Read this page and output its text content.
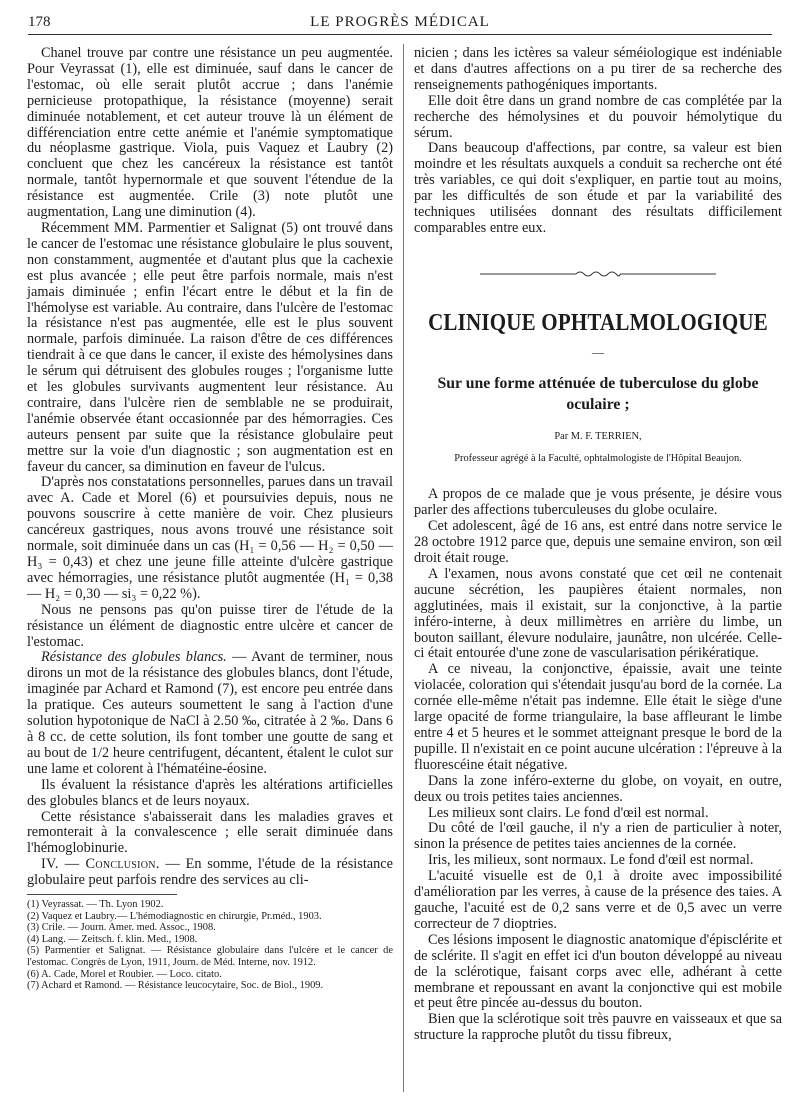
178	LE PROGRÈS MÉDICAL

Chanel trouve par contre une résistance un peu augmentée. Pour Veyrassat (1), elle est diminuée, sauf dans le cancer de l'estomac, où elle serait plutôt accrue ; dans l'anémie pernicieuse protopathique, la résistance (moyenne) serait diminuée notablement, et cet auteur trouve là un élément de différenciation entre cette anémie et l'anémie symptomatique du néoplasme gastrique. Viola, puis Vaquez et Laubry (2) concluent que chez les cancéreux la résistance est tantôt normale, tantôt hypernormale et que souvent l'étendue de la résistance est augmentée. Crile (3) note plutôt une augmentation, Lang une diminution (4).

Récemment MM. Parmentier et Salignat (5) ont trouvé dans le cancer de l'estomac une résistance globulaire le plus souvent, non constamment, augmentée et d'autant plus que la cachexie est plus avancée ; elle peut être parfois normale, mais n'est jamais diminuée ; enfin l'écart entre le début et la fin de l'hémolyse est variable. Au contraire, dans l'ulcère de l'estomac la résistance n'est pas augmentée, elle est le plus souvent normale, parfois diminuée. La raison d'être de ces différences tiendrait à ce que dans le cancer, il existe des hémolysines dans le sérum qui détruisent des globules rouges ; l'organisme lutte et les globules survivants augmentent leur résistance. Au contraire, dans l'ulcère rien de semblable ne se produirait, l'anémie observée étant occasionnée par des hémorragies. Ces auteurs pensent par suite que la résistance globulaire peut mettre sur la voie d'un diagnostic ; son augmentation est en faveur du cancer, sa diminution en faveur de l'ulcus.

D'après nos constatations personnelles, parues dans un travail avec A. Cade et Morel (6) et poursuivies depuis, nous ne pouvons souscrire à cette manière de voir. Chez plusieurs cancéreux gastriques, nous avons trouvé une résistance soit normale, soit diminuée dans un cas (H₁ = 0,56 — H₂ = 0,50 — H₃ = 0,43) et chez une jeune fille atteinte d'ulcère gastrique avec hémorragies, une résistance plutôt augmentée (H₁ = 0,38 — H₂ = 0,30 — si₃ = 0,22 %).

Nous ne pensons pas qu'on puisse tirer de l'étude de la résistance un élément de diagnostic entre ulcère et cancer de l'estomac.

Résistance des globules blancs. — Avant de terminer, nous dirons un mot de la résistance des globules blancs, dont l'étude, imaginée par Achard et Ramond (7), est encore peu entrée dans la pratique. Ces auteurs soumettent le sang à l'action d'une solution hypotonique de NaCl à 2.50 ‰, citratée à 2 ‰. Dans 6 à 8 cc. de cette solution, ils font tomber une goutte de sang et au bout de 1/2 heure centrifugent, décantent, étalent le culot sur une lame et colorent à l'hématéine-éosine.

Ils évaluent la résistance d'après les altérations artificielles des globules blancs et de leurs noyaux.

Cette résistance s'abaisserait dans les maladies graves et remonterait à la convalescence ; elle serait diminuée dans l'hémoglobinurie.

IV. — Conclusion. — En somme, l'étude de la résistance globulaire peut parfois rendre des services au cli-

(1) Veyrassat. — Th. Lyon 1902.

(2) Vaquez et Laubry.— L'hémodiagnostic en chirurgie, Pr.méd., 1903.

(3) Crile. — Journ. Amer. med. Assoc., 1908.

(4) Lang. — Zeitsch. f. klin. Med., 1908.

(5) Parmentier et Salignat. — Résistance globulaire dans l'ulcère et le cancer de l'estomac. Congrès de Lyon, 1911, Journ. de Méd. Interne, nov. 1912.

(6) A. Cade, Morel et Roubier. — Loco. citato.

(7) Achard et Ramond. — Résistance leucocytaire, Soc. de Biol., 1909.

nicien ; dans les ictères sa valeur séméiologique est indéniable et dans d'autres affections on a pu tirer de sa recherche des renseignements pathogéniques importants.

Elle doit être dans un grand nombre de cas complétée par la recherche des hémolysines et du pouvoir hémolytique du sérum.

Dans beaucoup d'affections, par contre, sa valeur est bien moindre et les résultats auxquels a conduit sa recherche ont été très variables, ce qui doit s'expliquer, en partie tout au moins, par les difficultés de son étude et par la variabilité des techniques utilisées donnant des résultats difficilement comparables entre eux.

CLINIQUE OPHTALMOLOGIQUE
—
Sur une forme atténuée de tuberculose du globe oculaire ;
Par M. F. TERRIEN,
Professeur agrégé à la Faculté, ophtalmologiste de l'Hôpital Beaujon.

A propos de ce malade que je vous présente, je désire vous parler des affections tuberculeuses du globe oculaire.

Cet adolescent, âgé de 16 ans, est entré dans notre service le 28 octobre 1912 parce que, depuis une semaine environ, son œil droit était rouge.

A l'examen, nous avons constaté que cet œil ne contenait aucune sécrétion, les paupières étaient normales, non agglutinées, mais il existait, sur la conjonctive, à la partie inféro-interne, à deux millimètres en arrière du limbe, un bouton saillant, élevure nodulaire, jaunâtre, non ulcérée. Celle-ci était entourée d'une zone de vascularisation périkératique.

A ce niveau, la conjonctive, épaissie, avait une teinte violacée, coloration qui s'étendait jusqu'au bord de la cornée. La cornée elle-même n'était pas indemne. Elle était le siège d'une large opacité de forme triangulaire, la base affleurant le limbe entre 4 et 5 heures et le sommet atteignant presque le bord de la pupille. Il n'existait en ce point aucune ulcération : l'épreuve à la fluorescéine était négative.

Dans la zone inféro-externe du globe, on voyait, en outre, deux ou trois petites taies anciennes.

Les milieux sont clairs. Le fond d'œil est normal.

Du côté de l'œil gauche, il n'y a rien de particulier à noter, sinon la présence de petites taies anciennes de la cornée.

Iris, les milieux, sont normaux. Le fond d'œil est normal.

L'acuité visuelle est de 0,1 à droite avec impossibilité d'amélioration par les verres, à cause de la présence des taies. A gauche, l'acuité est de 0,2 sans verre et de 0,5 avec un verre correcteur de 7 dioptries.

Ces lésions imposent le diagnostic anatomique d'épisclérite et de sclérite. Il s'agit en effet ici d'un bouton développé au niveau de la sclérotique, faisant corps avec elle, adhérant à cette membrane et repoussant en avant la conjonctive qui est mobile et peut être pincée au-dessus du bouton.

Bien que la sclérotique soit très pauvre en vaisseaux et que sa structure la rapproche plutôt du tissu fibreux,
